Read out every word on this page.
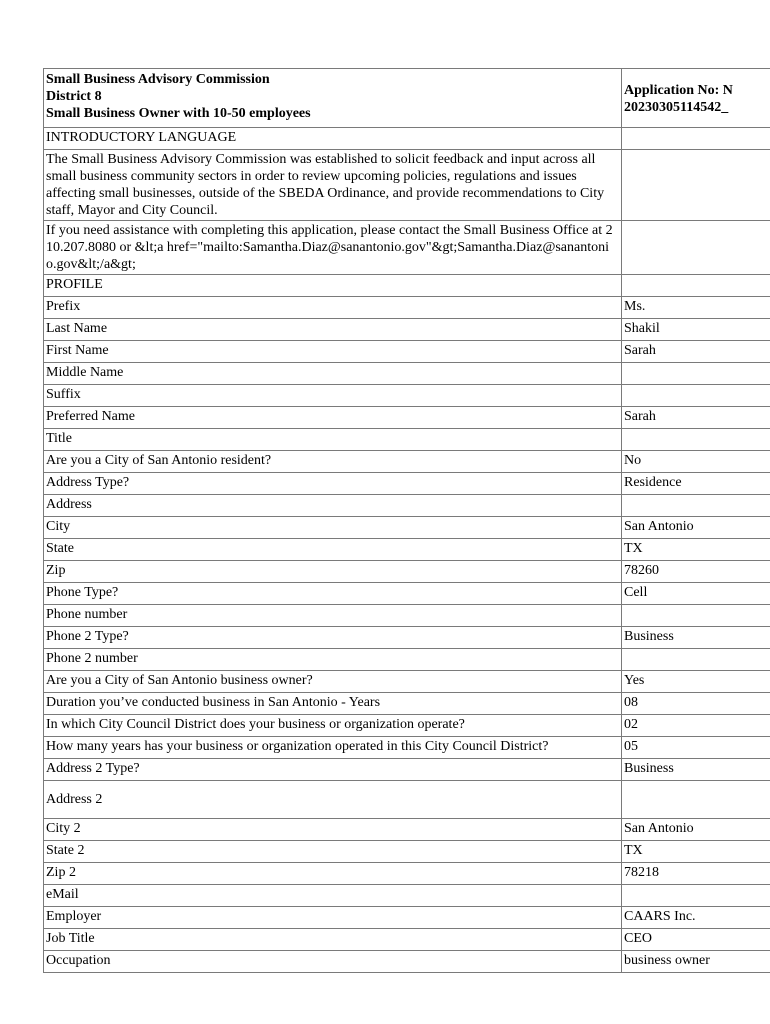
Small Business Advisory Commission
District 8
Small Business Owner with 10-50 employees	Application No: N
20230305114542_

INTRODUCTORY LANGUAGE	

The Small Business Advisory Commission was established to solicit feedback and input across all small business community sectors in order to review upcoming policies, regulations and issues affecting small businesses, outside of the SBEDA Ordinance, and provide recommendations to City staff, Mayor and City Council.	

If you need assistance with completing this application, please contact the Small Business Office at 210.207.8080 or &lt;a href="mailto:Samantha.Diaz@sanantonio.gov"&gt;Samantha.Diaz@sanantonio.gov&lt;/a&gt;	

PROFILE	
Prefix	Ms.
Last Name	Shakil
First Name	Sarah
Middle Name	
Suffix	
Preferred Name	Sarah
Title	
Are you a City of San Antonio resident?	No
Address Type?	Residence
Address	
City	San Antonio
State	TX
Zip	78260
Phone Type?	Cell
Phone number	
Phone 2 Type?	Business
Phone 2 number	
Are you a City of San Antonio business owner?	Yes
Duration you’ve conducted business in San Antonio - Years	08
In which City Council District does your business or organization operate?	02
How many years has your business or organization operated in this City Council District?	05
Address 2 Type?	Business
Address 2	
City 2	San Antonio
State 2	TX
Zip 2	78218
eMail	
Employer	CAARS Inc.
Job Title	CEO
Occupation	business owner
